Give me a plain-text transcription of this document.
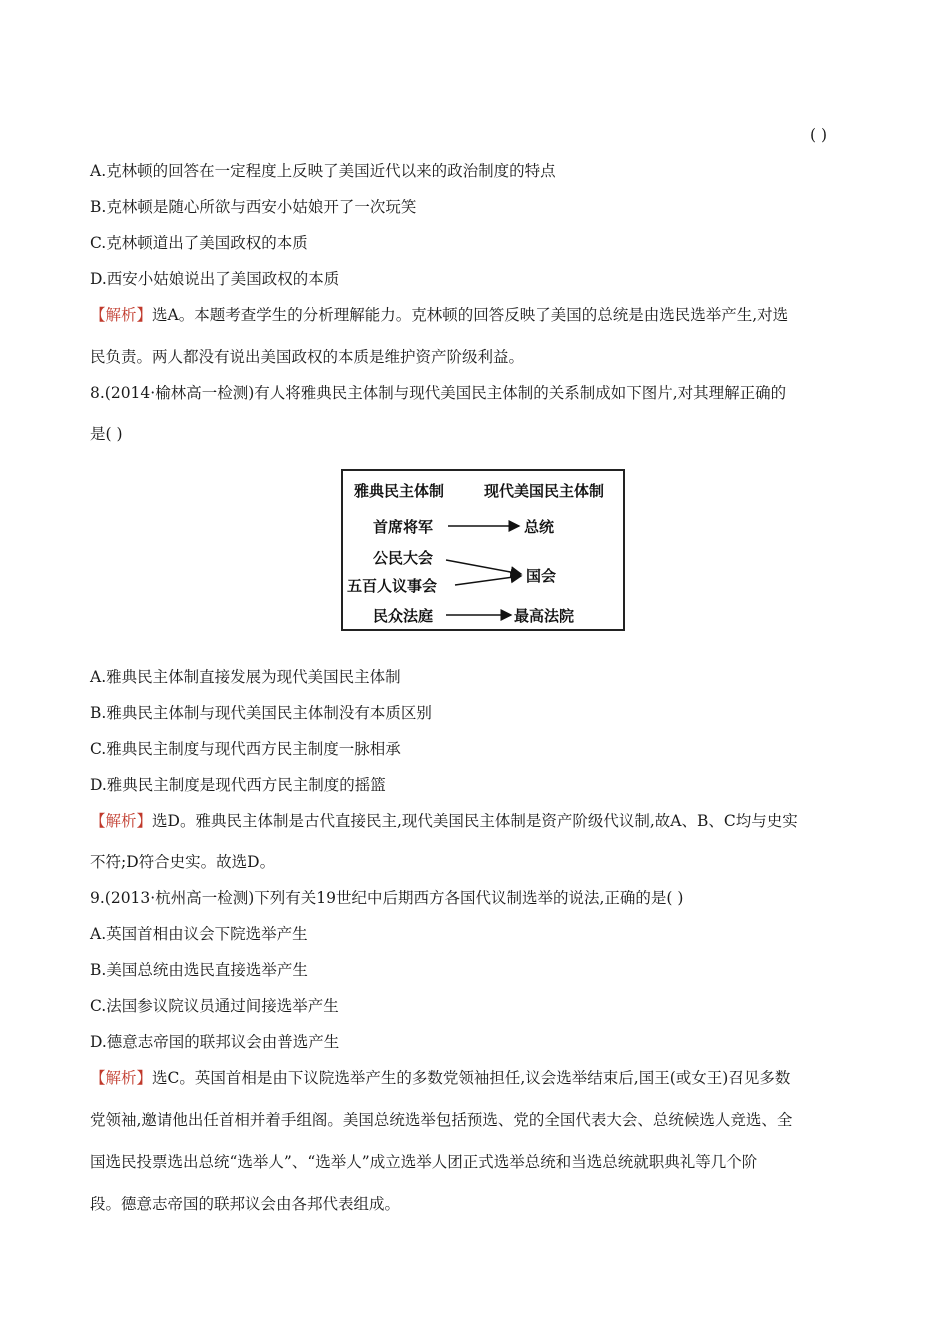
( )
A.克林顿的回答在一定程度上反映了美国近代以来的政治制度的特点
B.克林顿是随心所欲与西安小姑娘开了一次玩笑
C.克林顿道出了美国政权的本质
D.西安小姑娘说出了美国政权的本质
【解析】选A。本题考查学生的分析理解能力。克林顿的回答反映了美国的总统是由选民选举产生,对选
民负责。两人都没有说出美国政权的本质是维护资产阶级利益。
8.(2014·榆林高一检测)有人将雅典民主体制与现代美国民主体制的关系制成如下图片,对其理解正确的
是( )
雅典民主体制	现代美国民主体制
首席将军
公民大会
五百人议事会
民众法庭
总统
国会
最高法院
A.雅典民主体制直接发展为现代美国民主体制
B.雅典民主体制与现代美国民主体制没有本质区别
C.雅典民主制度与现代西方民主制度一脉相承
D.雅典民主制度是现代西方民主制度的摇篮
【解析】选D。雅典民主体制是古代直接民主,现代美国民主体制是资产阶级代议制,故A、B、C均与史实
不符;D符合史实。故选D。
9.(2013·杭州高一检测)下列有关19世纪中后期西方各国代议制选举的说法,正确的是( )
A.英国首相由议会下院选举产生
B.美国总统由选民直接选举产生
C.法国参议院议员通过间接选举产生
D.德意志帝国的联邦议会由普选产生
【解析】选C。英国首相是由下议院选举产生的多数党领袖担任,议会选举结束后,国王(或女王)召见多数
党领袖,邀请他出任首相并着手组阁。美国总统选举包括预选、党的全国代表大会、总统候选人竞选、全
国选民投票选出总统“选举人”、“选举人”成立选举人团正式选举总统和当选总统就职典礼等几个阶
段。德意志帝国的联邦议会由各邦代表组成。
